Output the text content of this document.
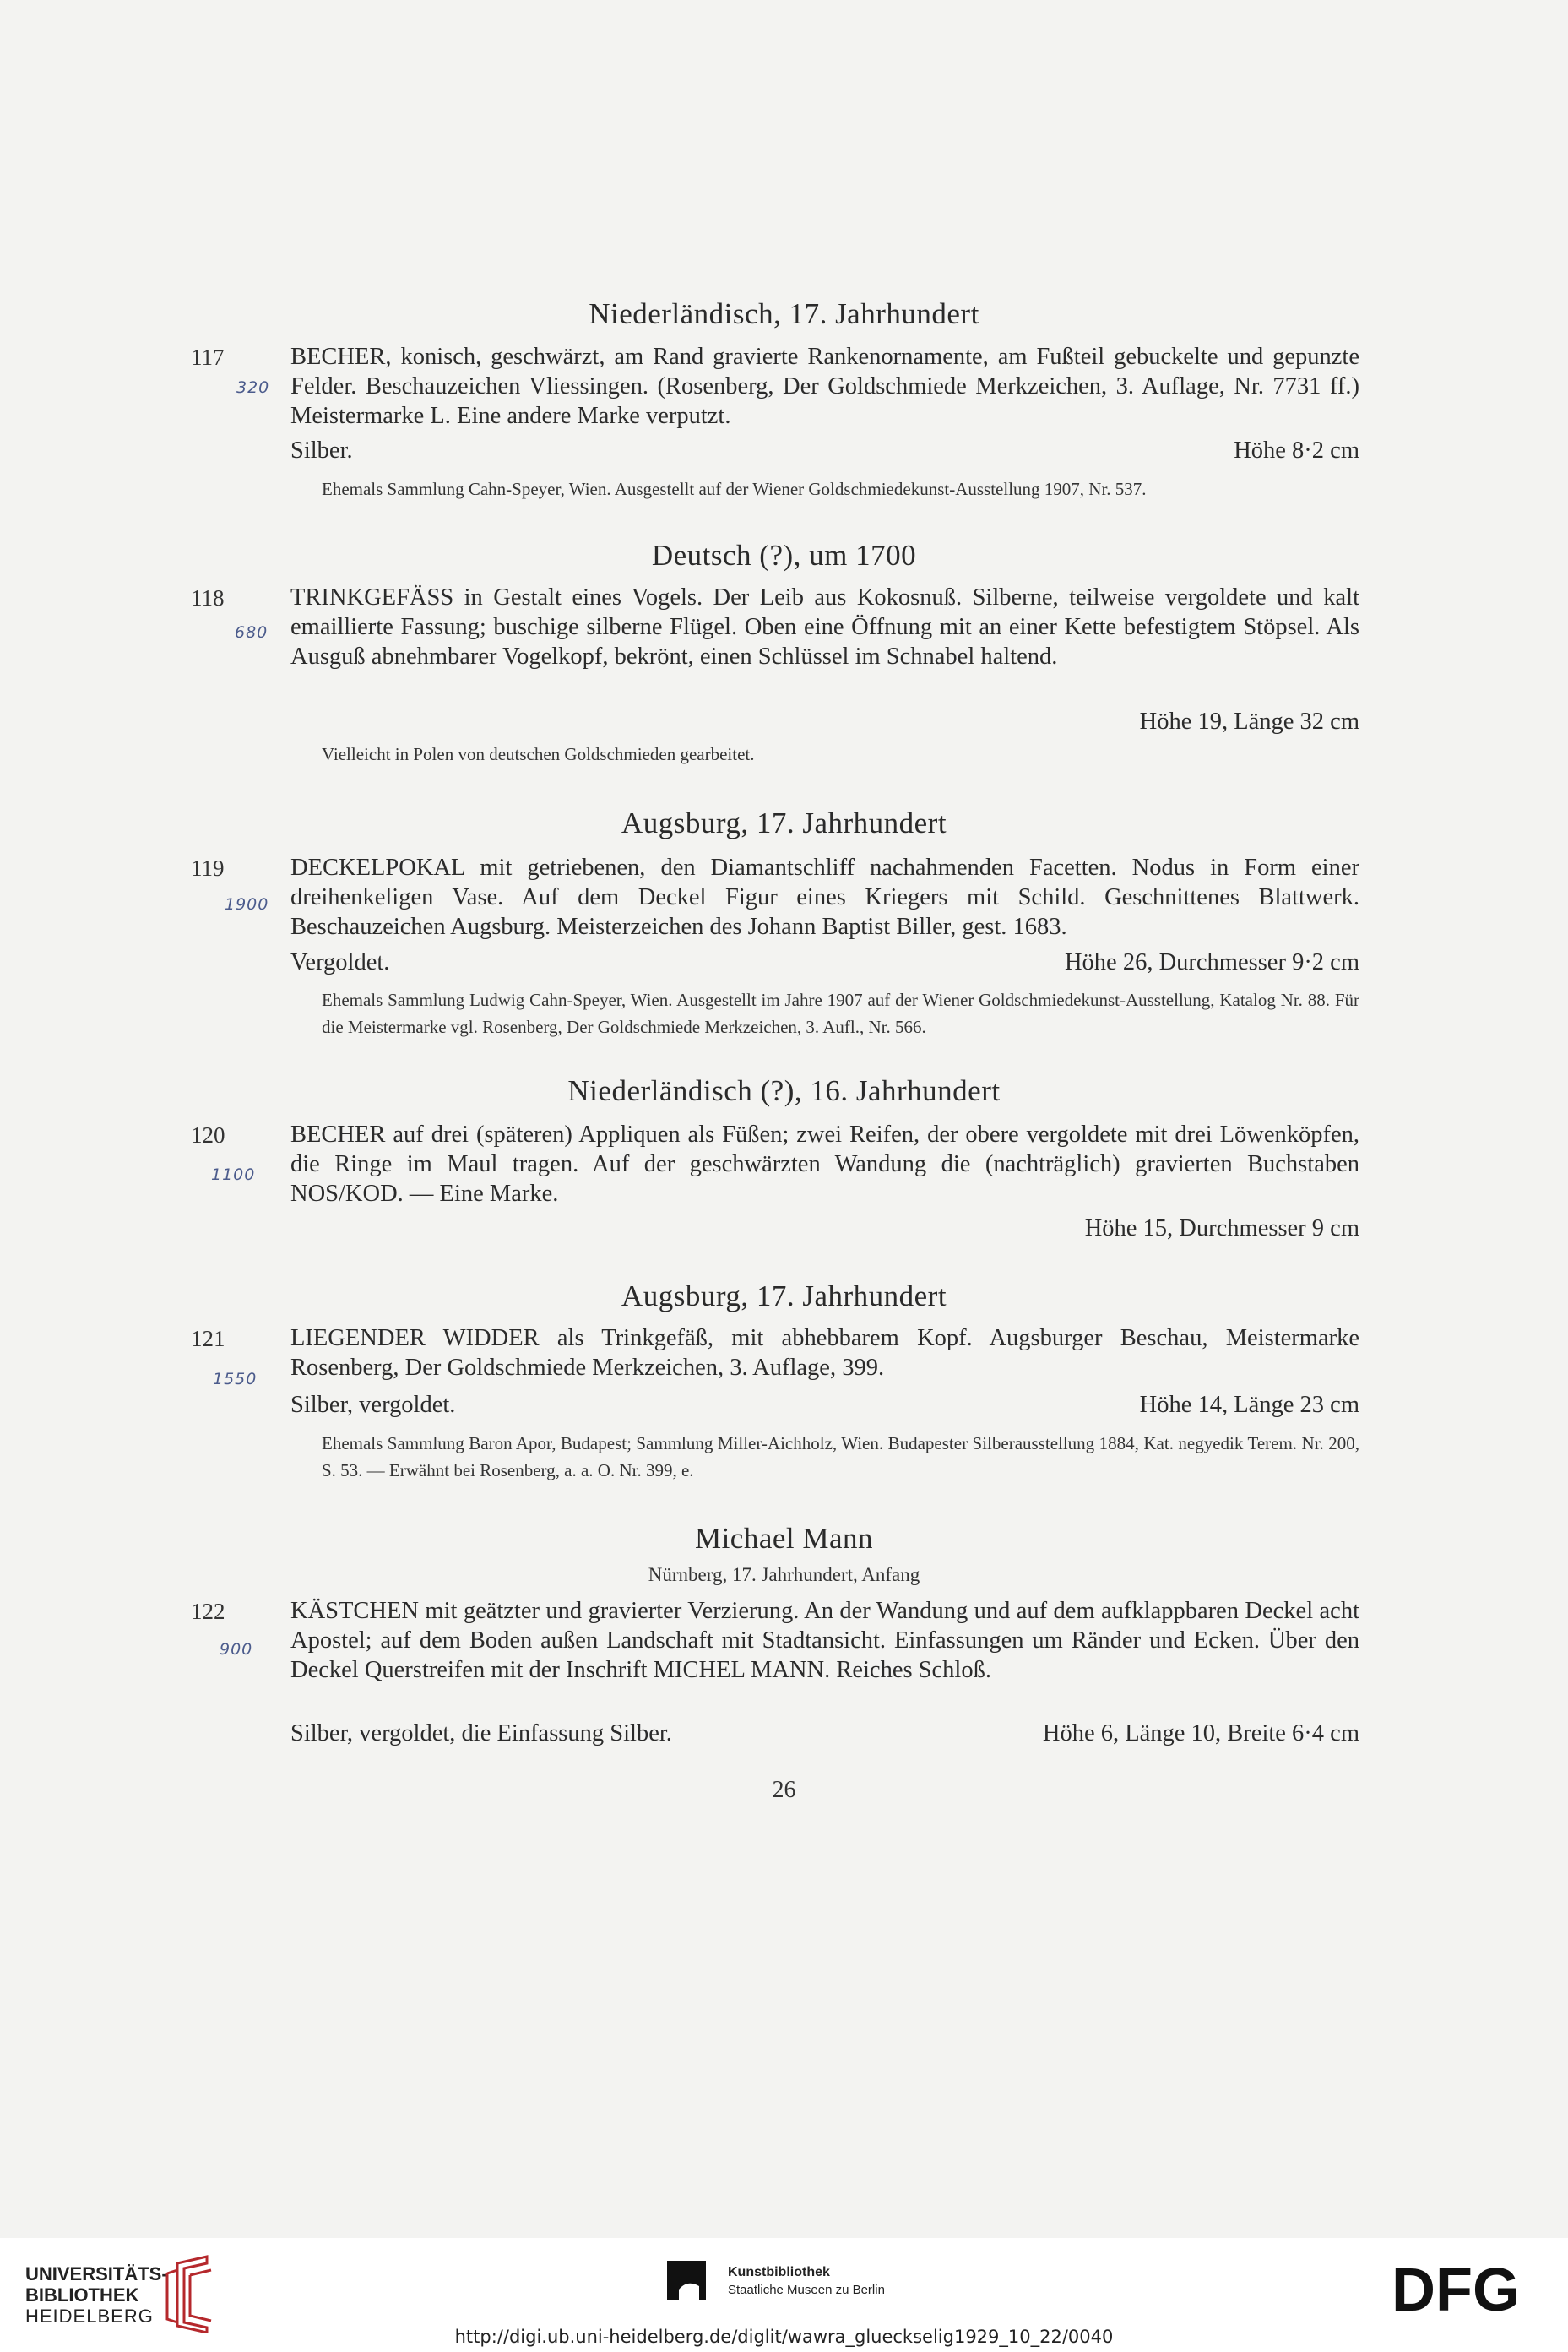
Niederländisch, 17. Jahrhundert
117
320

BECHER, konisch, geschwärzt, am Rand gravierte Rankenornamente, am Fußteil gebuckelte und gepunzte Felder. Beschauzeichen Vliessingen. (Rosenberg, Der Goldschmiede Merkzeichen, 3. Auflage, Nr. 7731 ff.) Meistermarke L. Eine andere Marke verputzt.

Silber.	Höhe 8·2 cm
Ehemals Sammlung Cahn-Speyer, Wien. Ausgestellt auf der Wiener Goldschmiedekunst-Ausstellung 1907, Nr. 537.
Deutsch (?), um 1700
118
680

TRINKGEFÄSS in Gestalt eines Vogels. Der Leib aus Kokosnuß. Silberne, teilweise vergoldete und kalt emaillierte Fassung; buschige silberne Flügel. Oben eine Öffnung mit an einer Kette befestigtem Stöpsel. Als Ausguß abnehmbarer Vogelkopf, bekrönt, einen Schlüssel im Schnabel haltend.

Höhe 19, Länge 32 cm
Vielleicht in Polen von deutschen Goldschmieden gearbeitet.
Augsburg, 17. Jahrhundert
119
1900

DECKELPOKAL mit getriebenen, den Diamantschliff nachahmenden Facetten. Nodus in Form einer dreihenkeligen Vase. Auf dem Deckel Figur eines Kriegers mit Schild. Geschnittenes Blattwerk. Beschauzeichen Augsburg. Meisterzeichen des Johann Baptist Biller, gest. 1683.

Vergoldet.	Höhe 26, Durchmesser 9·2 cm
Ehemals Sammlung Ludwig Cahn-Speyer, Wien. Ausgestellt im Jahre 1907 auf der Wiener Goldschmiedekunst-Ausstellung, Katalog Nr. 88. Für die Meistermarke vgl. Rosenberg, Der Goldschmiede Merkzeichen, 3. Aufl., Nr. 566.
Niederländisch (?), 16. Jahrhundert
120
1100

BECHER auf drei (späteren) Appliquen als Füßen; zwei Reifen, der obere vergoldete mit drei Löwenköpfen, die Ringe im Maul tragen. Auf der geschwärzten Wandung die (nachträglich) gravierten Buchstaben NOS/KOD. — Eine Marke.

Höhe 15, Durchmesser 9 cm
Augsburg, 17. Jahrhundert
121
1550

LIEGENDER WIDDER als Trinkgefäß, mit abhebbarem Kopf. Augsburger Beschau, Meistermarke Rosenberg, Der Goldschmiede Merkzeichen, 3. Auflage, 399.

Silber, vergoldet.	Höhe 14, Länge 23 cm
Ehemals Sammlung Baron Apor, Budapest; Sammlung Miller-Aichholz, Wien. Budapester Silberausstellung 1884, Kat. negyedik Terem. Nr. 200, S. 53. — Erwähnt bei Rosenberg, a. a. O. Nr. 399, e.
Michael Mann
Nürnberg, 17. Jahrhundert, Anfang
122
900

KÄSTCHEN mit geätzter und gravierter Verzierung. An der Wandung und auf dem aufklappbaren Deckel acht Apostel; auf dem Boden außen Landschaft mit Stadtansicht. Einfassungen um Ränder und Ecken. Über den Deckel Querstreifen mit der Inschrift MICHEL MANN. Reiches Schloß.

Silber, vergoldet, die Einfassung Silber.	Höhe 6, Länge 10, Breite 6·4 cm
26
UNIVERSITÄTS-
BIBLIOTHEK
HEIDELBERG
Kunstbibliothek
Staatliche Museen zu Berlin	DFG
http://digi.ub.uni-heidelberg.de/diglit/wawra_glueckselig1929_10_22/0040
